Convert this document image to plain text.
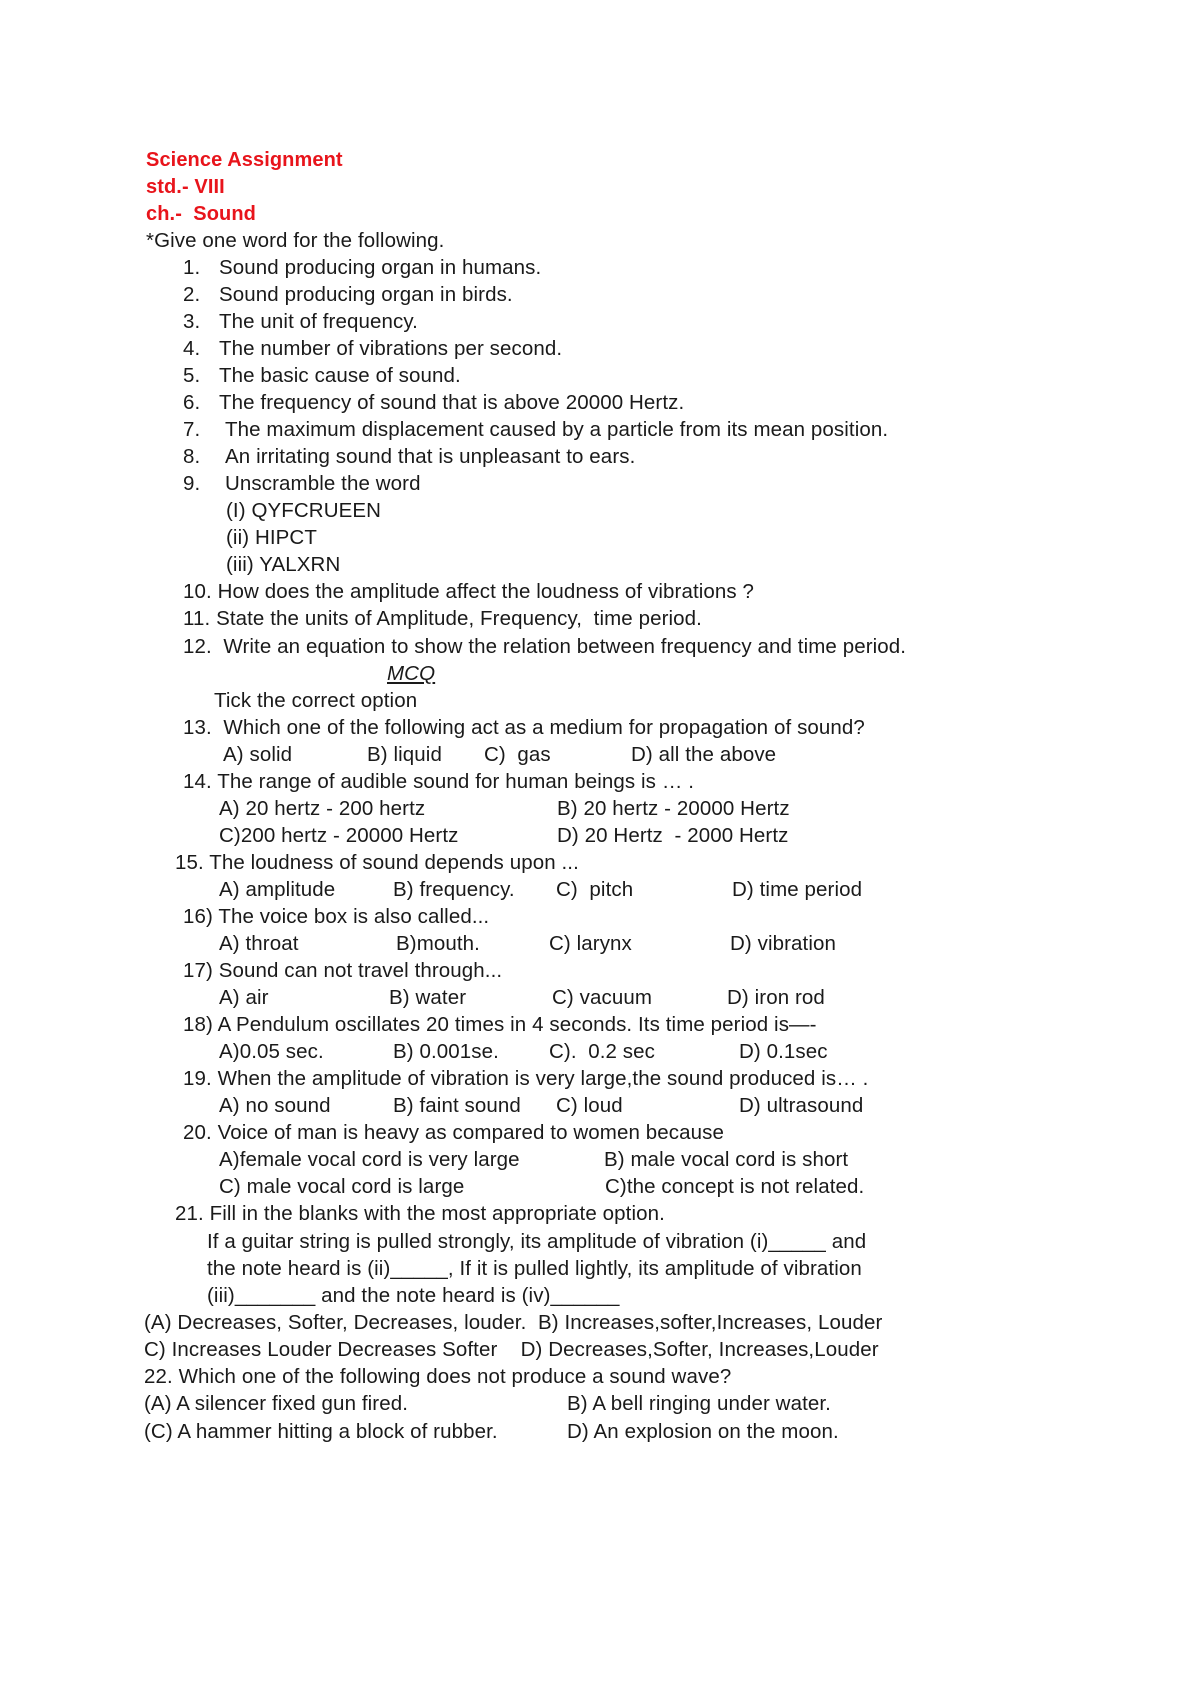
Science Assignment
std.- VIII
ch.-  Sound
*Give one word for the following.
1. Sound producing organ in humans.
2. Sound producing organ in birds.
3. The unit of frequency.
4. The number of vibrations per second.
5. The basic cause of sound.
6. The frequency of sound that is above 20000 Hertz.
7. The maximum displacement caused by a particle from its mean position.
8. An irritating sound that is unpleasant to ears.
9. Unscramble the word
(I) QYFCRUEEN
(ii) HIPCT
(iii) YALXRN
10. How does the amplitude affect the loudness of vibrations ?
11. State the units of Amplitude, Frequency,  time period.
12.  Write an equation to show the relation between frequency and time period.
MCQ
Tick the correct option
13.  Which one of the following act as a medium for propagation of sound?
A) solid	B) liquid C)  gas	D) all the above
14. The range of audible sound for human beings is … .
A) 20 hertz - 200 hertz	B) 20 hertz - 20000 Hertz
C)200 hertz - 20000 Hertz	D) 20 Hertz  - 2000 Hertz
15. The loudness of sound depends upon ...
A) amplitude	B) frequency. C)  pitch	D) time period
16) The voice box is also called...
A) throat	B)mouth.	C) larynx	D) vibration
17) Sound can not travel through...
A) air	B) water	C) vacuum	D) iron rod
18) A Pendulum oscillates 20 times in 4 seconds. Its time period is—-
A)0.05 sec.	B) 0.001se. C).  0.2 sec	D) 0.1sec
19. When the amplitude of vibration is very large,the sound produced is… .
A) no sound	B) faint sound C) loud	D) ultrasound
20. Voice of man is heavy as compared to women because
A)female vocal cord is very large	B) male vocal cord is short
C) male vocal cord is large	C)the concept is not related.
21. Fill in the blanks with the most appropriate option.
If a guitar string is pulled strongly, its amplitude of vibration (i)_____ and
the note heard is (ii)_____, If it is pulled lightly, its amplitude of vibration
(iii)_______ and the note heard is (iv)______
(A) Decreases, Softer, Decreases, louder.  B) Increases,softer,Increases, Louder
C) Increases Louder Decreases Softer    D) Decreases,Softer, Increases,Louder
22. Which one of the following does not produce a sound wave?
(A) A silencer fixed gun fired.	B) A bell ringing under water.
(C) A hammer hitting a block of rubber.	D) An explosion on the moon.
